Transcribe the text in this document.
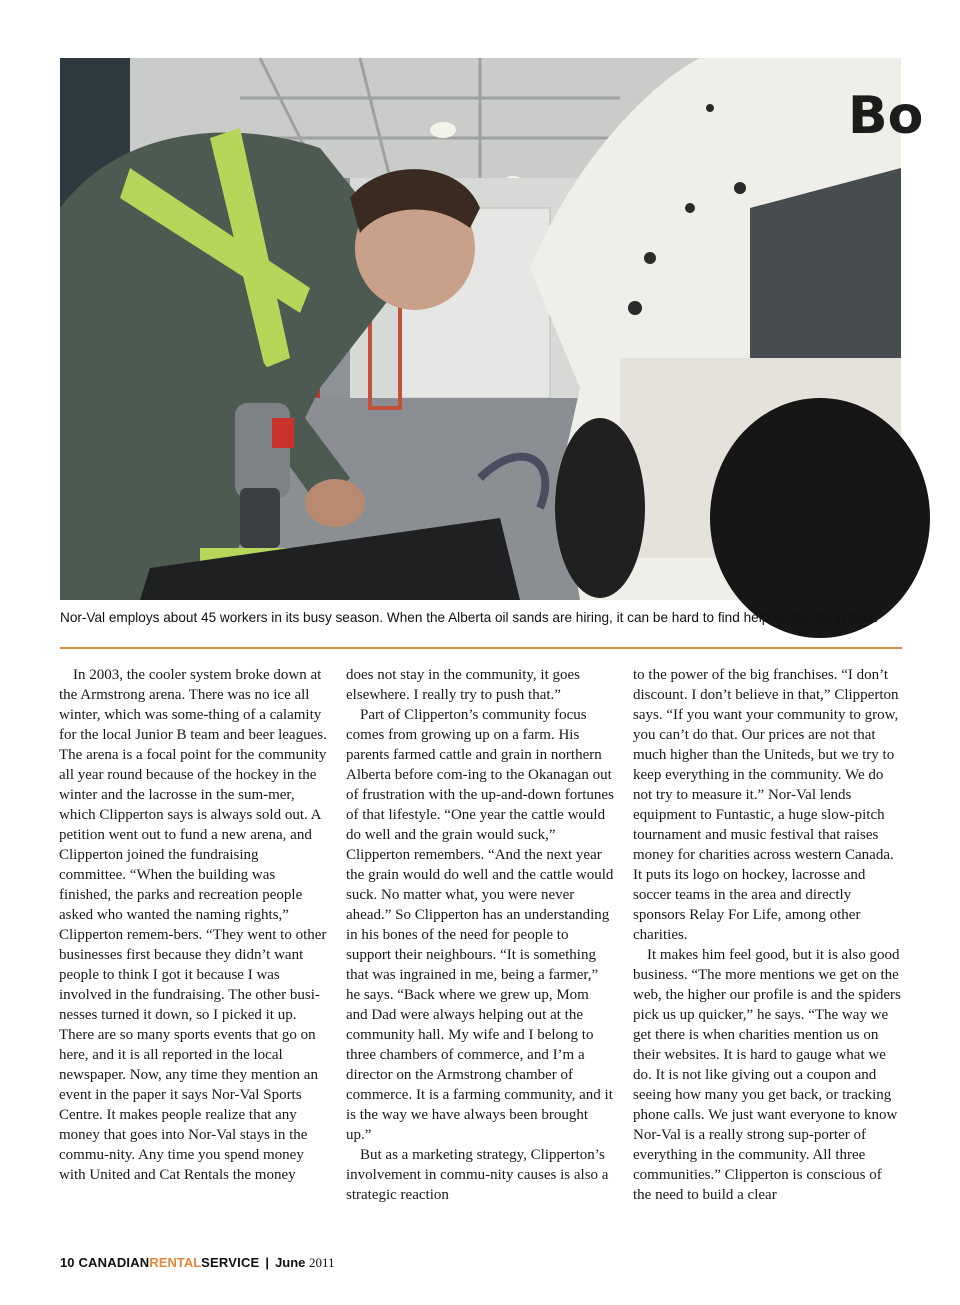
Bo
Nor-Val employs about 45 workers in its busy season. When the Alberta oil sands are hiring, it can be hard to find help for the shop floor.

In 2003, the cooler system broke down at the Armstrong arena. There was no ice all winter, which was some-thing of a calamity for the local Junior B team and beer leagues. The arena is a focal point for the community all year round because of the hockey in the winter and the lacrosse in the sum-mer, which Clipperton says is always sold out. A petition went out to fund a new arena, and Clipperton joined the fundraising committee. “When the building was finished, the parks and recreation people asked who wanted the naming rights,” Clipperton remem-bers. “They went to other businesses first because they didn’t want people to think I got it because I was involved in the fundraising. The other busi-nesses turned it down, so I picked it up. There are so many sports events that go on here, and it is all reported in the local newspaper. Now, any time they mention an event in the paper it says Nor-Val Sports Centre. It makes people realize that any money that goes into Nor-Val stays in the commu-nity. Any time you spend money with United and Cat Rentals the money

does not stay in the community, it goes elsewhere. I really try to push that.”

Part of Clipperton’s community focus comes from growing up on a farm. His parents farmed cattle and grain in northern Alberta before com-ing to the Okanagan out of frustration with the up-and-down fortunes of that lifestyle. “One year the cattle would do well and the grain would suck,” Clipperton remembers. “And the next year the grain would do well and the cattle would suck. No matter what, you were never ahead.” So Clipperton has an understanding in his bones of the need for people to support their neighbours. “It is something that was ingrained in me, being a farmer,” he says. “Back where we grew up, Mom and Dad were always helping out at the community hall. My wife and I belong to three chambers of commerce, and I’m a director on the Armstrong chamber of commerce. It is a farming community, and it is the way we have always been brought up.”

But as a marketing strategy, Clipperton’s involvement in commu-nity causes is also a strategic reaction

to the power of the big franchises. “I don’t discount. I don’t believe in that,” Clipperton says. “If you want your community to grow, you can’t do that. Our prices are not that much higher than the Uniteds, but we try to keep everything in the community. We do not try to measure it.” Nor-Val lends equipment to Funtastic, a huge slow-pitch tournament and music festival that raises money for charities across western Canada. It puts its logo on hockey, lacrosse and soccer teams in the area and directly sponsors Relay For Life, among other charities.

It makes him feel good, but it is also good business. “The more mentions we get on the web, the higher our profile is and the spiders pick us up quicker,” he says. “The way we get there is when charities mention us on their websites. It is hard to gauge what we do. It is not like giving out a coupon and seeing how many you get back, or tracking phone calls. We just want everyone to know Nor-Val is a really strong sup-porter of everything in the community. All three communities.” Clipperton is conscious of the need to build a clear

10 CANADIANRENTALSERVICE | June 2011
